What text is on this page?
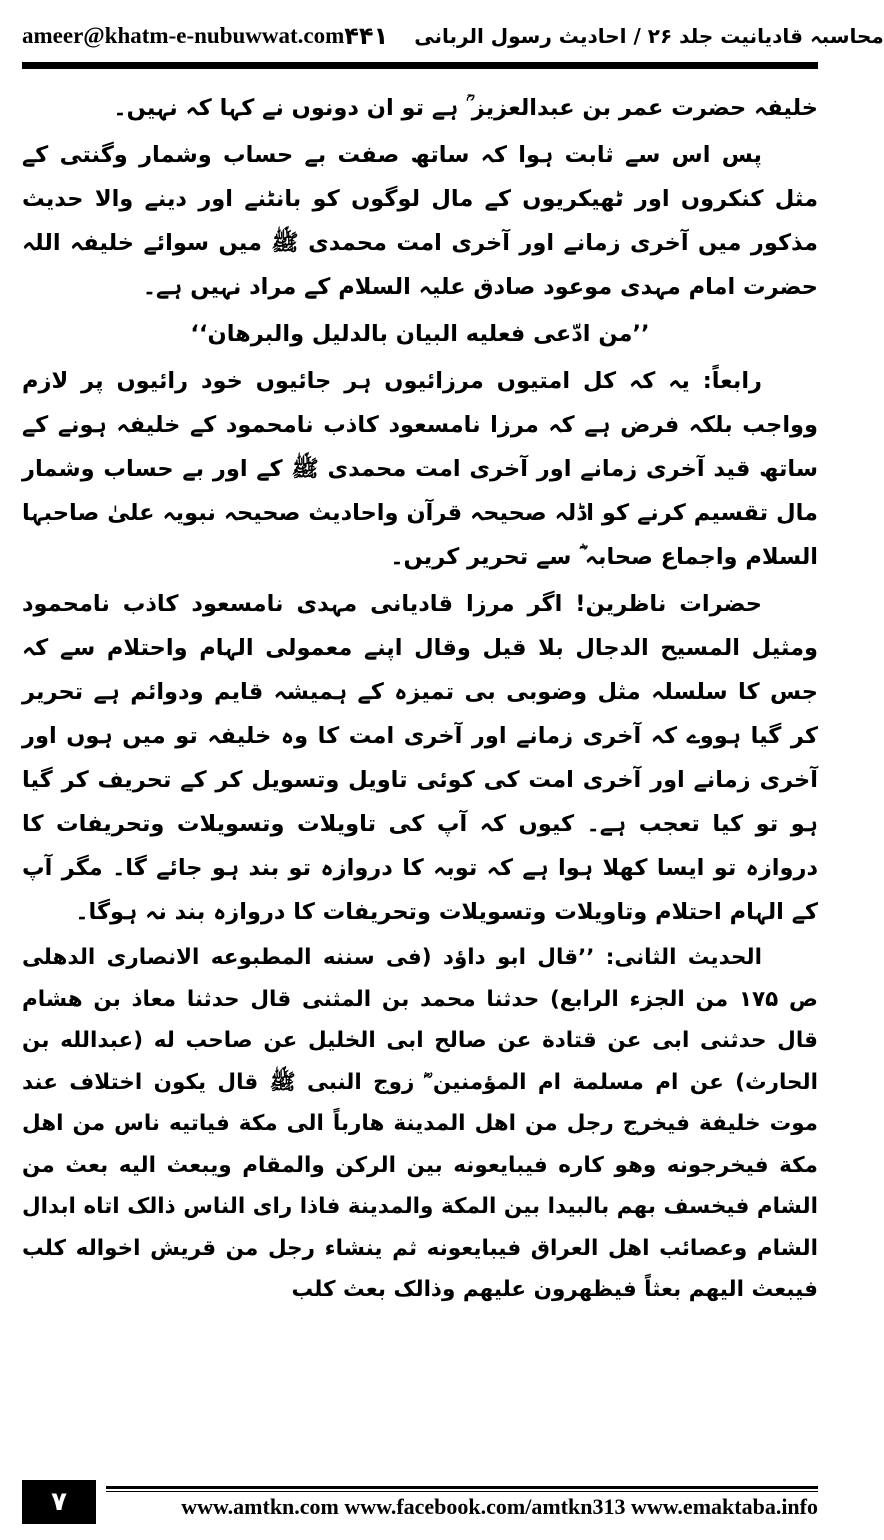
ameer@khatm-e-nubuwwat.com	محاسبہ قادیانیت جلد ۲۶ / احادیث رسول الربانی
۴۴۱

خلیفہ حضرت عمر بن عبدالعزیز ؒ ہے تو ان دونوں نے کہا کہ نہیں۔

پس اس سے ثابت ہوا کہ ساتھ صفت بے حساب وشمار وگنتی کے مثل کنکروں اور ٹھیکریوں کے مال لوگوں کو بانٹنے اور دینے والا حدیث مذکور میں آخری زمانے اور آخری امت محمدی ﷺ میں سوائے خلیفہ اللہ حضرت امام مہدی موعود صادق علیہ السلام کے مراد نہیں ہے۔

’’من ادّعی فعلیه البیان بالدلیل والبرهان‘‘

رابعاً: یہ کہ کل امتیوں مرزائیوں ہر جائیوں خود رائیوں پر لازم وواجب بلکہ فرض ہے کہ مرزا نامسعود کاذب نامحمود کے خلیفہ ہونے کے ساتھ قید آخری زمانے اور آخری امت محمدی ﷺ کے اور بے حساب وشمار مال تقسیم کرنے کو اڈلہ صحیحہ قرآن واحادیث صحیحہ نبویہ علیٰ صاحبہا السلام واجماع صحابہ ؓ سے تحریر کریں۔

حضرات ناظرین! اگر مرزا قادیانی مہدی نامسعود کاذب نامحمود ومثیل المسیح الدجال بلا قیل وقال اپنے معمولی الہام واحتلام سے کہ جس کا سلسلہ مثل وضوبی بی تمیزہ کے ہمیشہ قایم ودوائم ہے تحریر کر گیا ہووے کہ آخری زمانے اور آخری امت کا وہ خلیفہ تو میں ہوں اور آخری زمانے اور آخری امت کی کوئی تاویل وتسویل کر کے تحریف کر گیا ہو تو کیا تعجب ہے۔ کیوں کہ آپ کی تاویلات وتسویلات وتحریفات کا دروازہ تو ایسا کھلا ہوا ہے کہ توبہ کا دروازہ تو بند ہو جائے گا۔ مگر آپ کے الہام احتلام وتاویلات وتسویلات وتحریفات کا دروازہ بند نہ ہوگا۔

الحدیث الثانی: ’’قال ابو داؤد (فی سننه المطبوعه الانصاری الدهلی ص ۱۷۵ من الجزء الرابع) حدثنا محمد بن المثنی قال حدثنا معاذ بن هشام قال حدثنی ابی عن قتادة عن صالح ابی الخلیل عن صاحب له (عبدالله بن الحارث) عن ام مسلمة ام المؤمنین ؓ زوج النبی ﷺ قال یکون اختلاف عند موت خلیفة فیخرج رجل من اهل المدینة هارباً الی مکة فیاتیه ناس من اهل مکة فیخرجونه وهو کاره فیبایعونه بین الرکن والمقام ویبعث الیه بعث من الشام فیخسف بهم بالبیدا بین المکة والمدینة فاذا رای الناس ذالک اتاه ابدال الشام وعصائب اهل العراق فیبایعونه ثم ینشاء رجل من قریش اخواله کلب فیبعث الیهم بعثاً فیظهرون علیهم وذالک بعث کلب

۷	www.amtkn.com www.facebook.com/amtkn313 www.emaktaba.info
